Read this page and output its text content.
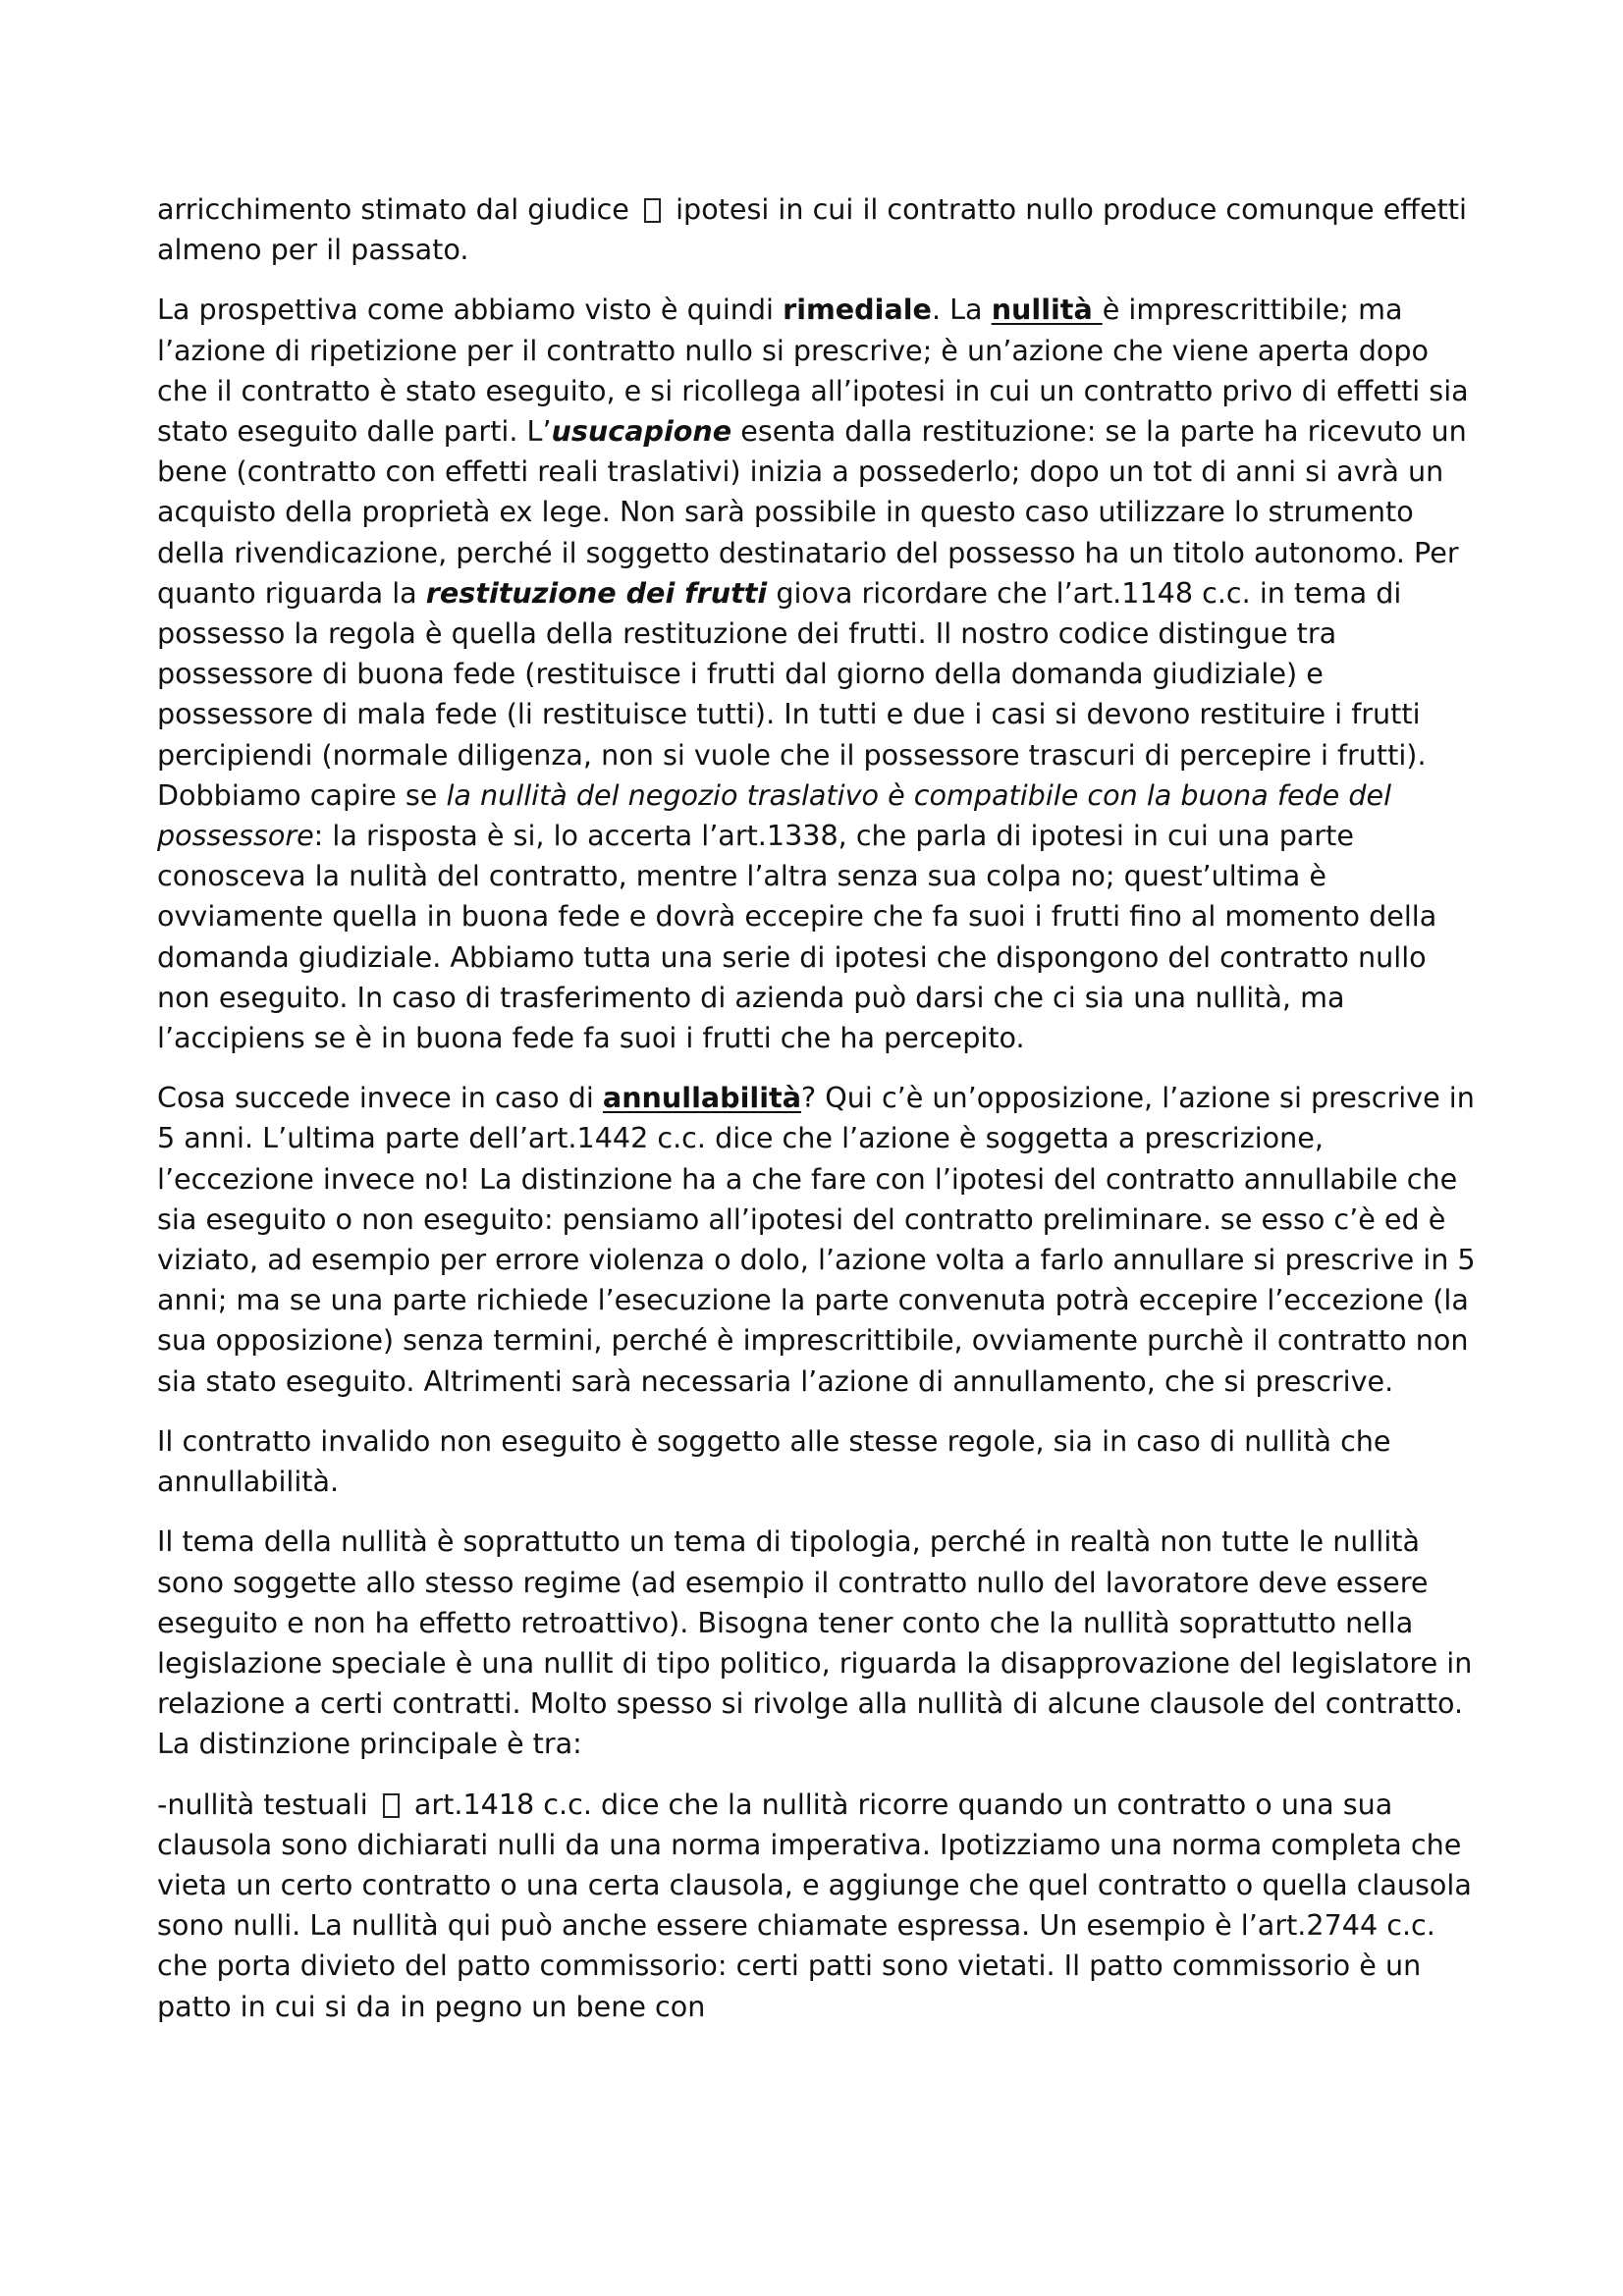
arricchimento stimato dal giudice ipotesi in cui il contratto nullo produce comunque effetti almeno per il passato.

La prospettiva come abbiamo visto è quindi rimediale. La nullità è imprescrittibile; ma l’azione di ripetizione per il contratto nullo si prescrive; è un’azione che viene aperta dopo che il contratto è stato eseguito, e si ricollega all’ipotesi in cui un contratto privo di effetti sia stato eseguito dalle parti. L’usucapione esenta dalla restituzione: se la parte ha ricevuto un bene (contratto con effetti reali traslativi) inizia a possederlo; dopo un tot di anni si avrà un acquisto della proprietà ex lege. Non sarà possibile in questo caso utilizzare lo strumento della rivendicazione, perché il soggetto destinatario del possesso ha un titolo autonomo. Per quanto riguarda la restituzione dei frutti giova ricordare che l’art.1148 c.c. in tema di possesso la regola è quella della restituzione dei frutti. Il nostro codice distingue tra possessore di buona fede (restituisce i frutti dal giorno della domanda giudiziale) e possessore di mala fede (li restituisce tutti). In tutti e due i casi si devono restituire i frutti percipiendi (normale diligenza, non si vuole che il possessore trascuri di percepire i frutti). Dobbiamo capire se la nullità del negozio traslativo è compatibile con la buona fede del possessore: la risposta è si, lo accerta l’art.1338, che parla di ipotesi in cui una parte conosceva la nulità del contratto, mentre l’altra senza sua colpa no; quest’ultima è ovviamente quella in buona fede e dovrà eccepire che fa suoi i frutti fino al momento della domanda giudiziale. Abbiamo tutta una serie di ipotesi che dispongono del contratto nullo non eseguito. In caso di trasferimento di azienda può darsi che ci sia una nullità, ma l’accipiens se è in buona fede fa suoi i frutti che ha percepito.

Cosa succede invece in caso di annullabilità? Qui c’è un’opposizione, l’azione si prescrive in 5 anni. L’ultima parte dell’art.1442 c.c. dice che l’azione è soggetta a prescrizione, l’eccezione invece no! La distinzione ha a che fare con l’ipotesi del contratto annullabile che sia eseguito o non eseguito: pensiamo all’ipotesi del contratto preliminare. se esso c’è ed è viziato, ad esempio per errore violenza o dolo, l’azione volta a farlo annullare si prescrive in 5 anni; ma se una parte richiede l’esecuzione la parte convenuta potrà eccepire l’eccezione (la sua opposizione) senza termini, perché è imprescrittibile, ovviamente purchè il contratto non sia stato eseguito. Altrimenti sarà necessaria l’azione di annullamento, che si prescrive.

Il contratto invalido non eseguito è soggetto alle stesse regole, sia in caso di nullità che annullabilità.

Il tema della nullità è soprattutto un tema di tipologia, perché in realtà non tutte le nullità sono soggette allo stesso regime (ad esempio il contratto nullo del lavoratore deve essere eseguito e non ha effetto retroattivo). Bisogna tener conto che la nullità soprattutto nella legislazione speciale è una nullit di tipo politico, riguarda la disapprovazione del legislatore in relazione a certi contratti. Molto spesso si rivolge alla nullità di alcune clausole del contratto. La distinzione principale è tra:

-nullità testuali art.1418 c.c. dice che la nullità ricorre quando un contratto o una sua clausola sono dichiarati nulli da una norma imperativa. Ipotizziamo una norma completa che vieta un certo contratto o una certa clausola, e aggiunge che quel contratto o quella clausola sono nulli. La nullità qui può anche essere chiamate espressa. Un esempio è l’art.2744 c.c. che porta divieto del patto commissorio: certi patti sono vietati. Il patto commissorio è un patto in cui si da in pegno un bene con
